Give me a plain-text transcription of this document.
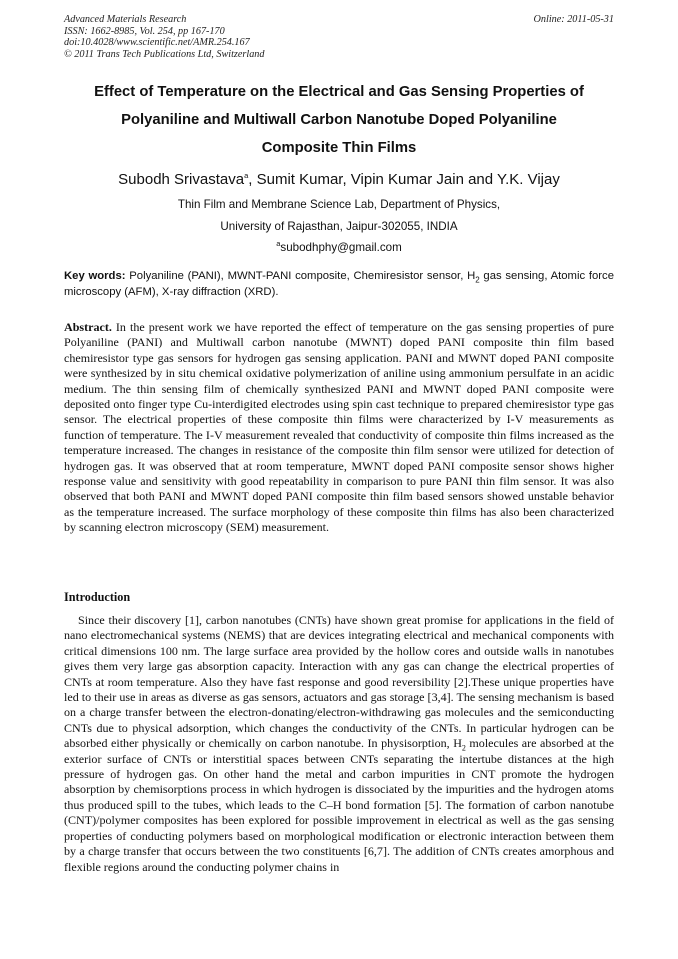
Advanced Materials Research
ISSN: 1662-8985, Vol. 254, pp 167-170
doi:10.4028/www.scientific.net/AMR.254.167
© 2011 Trans Tech Publications Ltd, Switzerland
Online: 2011-05-31
Effect of Temperature on the Electrical and Gas Sensing Properties of
Polyaniline and Multiwall Carbon Nanotube Doped Polyaniline
Composite Thin Films
Subodh Srivastava$^a$, Sumit Kumar, Vipin Kumar Jain and Y.K. Vijay
Thin Film and Membrane Science Lab, Department of Physics,
University of Rajasthan, Jaipur-302055, INDIA
$^a$subodhphy@gmail.com
Key words: Polyaniline (PANI), MWNT-PANI composite, Chemiresistor sensor, $H_2$ gas sensing, Atomic force microscopy (AFM), X-ray diffraction (XRD).
Abstract. In the present work we have reported the effect of temperature on the gas sensing properties of pure Polyaniline (PANI) and Multiwall carbon nanotube (MWNT) doped PANI composite thin film based chemiresistor type gas sensors for hydrogen gas sensing application. PANI and MWNT doped PANI composite were synthesized by in situ chemical oxidative polymerization of aniline using ammonium persulfate in an acidic medium. The thin sensing film of chemically synthesized PANI and MWNT doped PANI composite were deposited onto finger type Cu-interdigited electrodes using spin cast technique to prepared chemiresistor type gas sensor. The electrical properties of these composite thin films were characterized by I-V measurements as function of temperature. The I-V measurement revealed that conductivity of composite thin films increased as the temperature increased. The changes in resistance of the composite thin film sensor were utilized for detection of hydrogen gas. It was observed that at room temperature, MWNT doped PANI composite sensor shows higher response value and sensitivity with good repeatability in comparison to pure PANI thin film sensor. It was also observed that both PANI and MWNT doped PANI composite thin film based sensors showed unstable behavior as the temperature increased. The surface morphology of these composite thin films has also been characterized by scanning electron microscopy (SEM) measurement.
Introduction
Since their discovery [1], carbon nanotubes (CNTs) have shown great promise for applications in the field of nano electromechanical systems (NEMS) that are devices integrating electrical and mechanical components with critical dimensions 100 nm. The large surface area provided by the hollow cores and outside walls in nanotubes gives them very large gas absorption capacity. Interaction with any gas can change the electrical properties of CNTs at room temperature. Also they have fast response and good reversibility [2].These unique properties have led to their use in areas as diverse as gas sensors, actuators and gas storage [3,4]. The sensing mechanism is based on a charge transfer between the electron-donating/electron-withdrawing gas molecules and the semiconducting CNTs due to physical adsorption, which changes the conductivity of the CNTs. In particular hydrogen can be absorbed either physically or chemically on carbon nanotube. In physisorption, $H_2$ molecules are absorbed at the exterior surface of CNTs or interstitial spaces between CNTs separating the intertube distances at the high pressure of hydrogen gas. On other hand the metal and carbon impurities in CNT promote the hydrogen absorption by chemisorptions process in which hydrogen is dissociated by the impurities and the hydrogen atoms thus produced spill to the tubes, which leads to the C–H bond formation [5]. The formation of carbon nanotube (CNT)/polymer composites has been explored for possible improvement in electrical as well as the gas sensing properties of conducting polymers based on morphological modification or electronic interaction between them by a charge transfer that occurs between the two constituents [6,7]. The addition of CNTs creates amorphous and flexible regions around the conducting polymer chains in
